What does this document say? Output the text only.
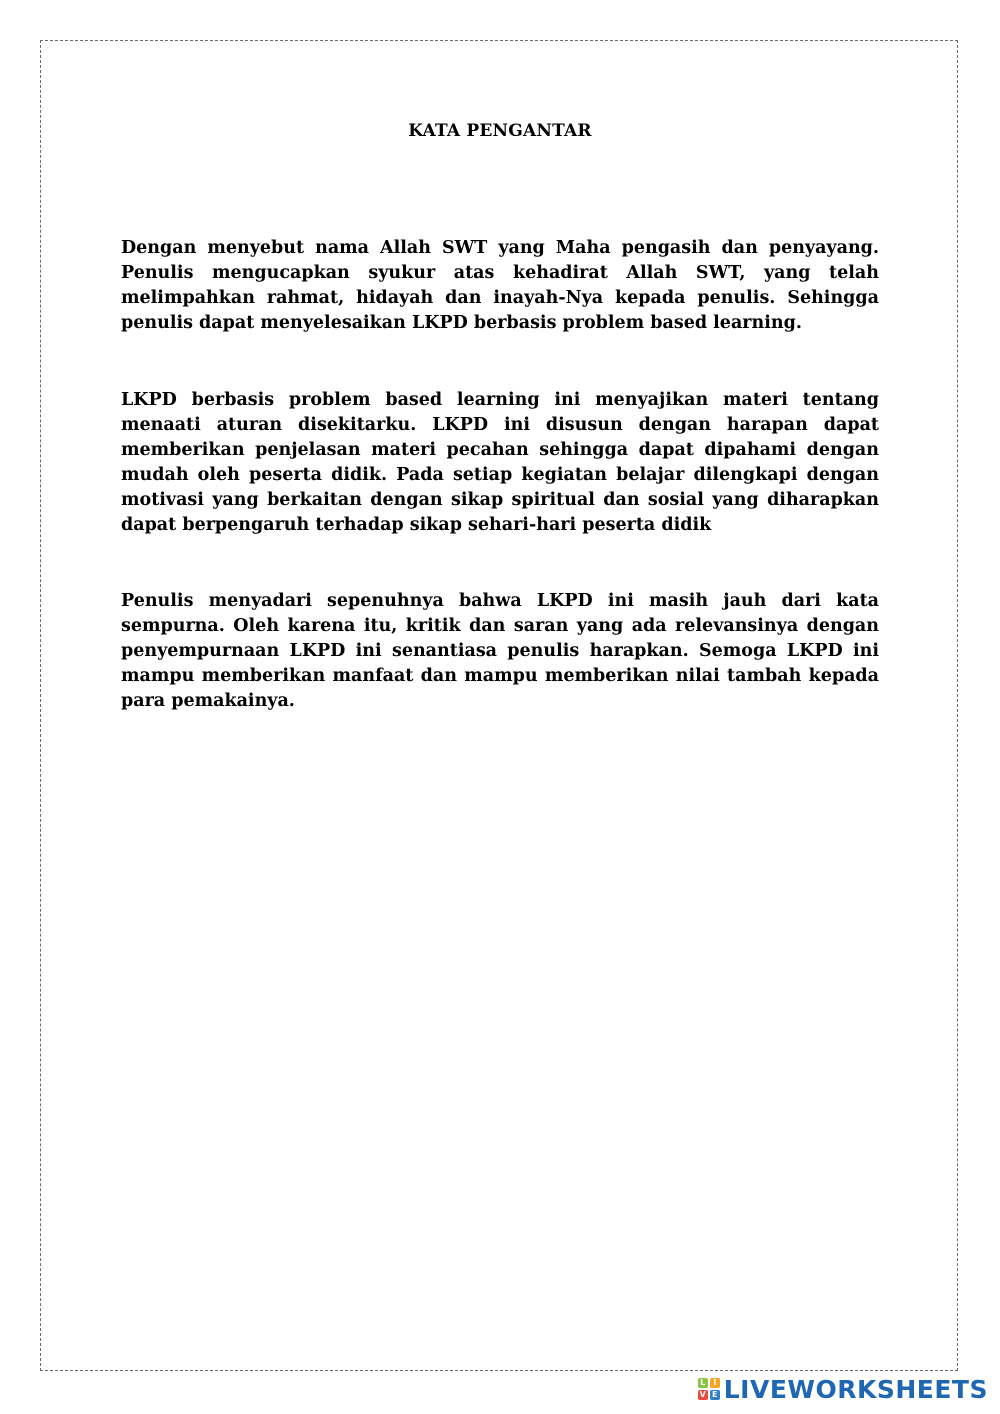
KATA PENGANTAR

Dengan menyebut nama Allah SWT yang Maha pengasih dan penyayang. Penulis mengucapkan syukur atas kehadirat Allah SWT, yang telah melimpahkan rahmat, hidayah dan inayah-Nya kepada penulis. Sehingga penulis dapat menyelesaikan LKPD berbasis problem based learning.

LKPD berbasis problem based learning ini menyajikan materi tentang menaati aturan disekitarku. LKPD ini disusun dengan harapan dapat memberikan penjelasan materi pecahan sehingga dapat dipahami dengan mudah oleh peserta didik. Pada setiap kegiatan belajar dilengkapi dengan motivasi yang berkaitan dengan sikap spiritual dan sosial yang diharapkan dapat berpengaruh terhadap sikap sehari-hari peserta didik

Penulis menyadari sepenuhnya bahwa LKPD ini masih jauh dari kata sempurna. Oleh karena itu, kritik dan saran yang ada relevansinya dengan penyempurnaan LKPD ini senantiasa penulis harapkan. Semoga LKPD ini mampu memberikan manfaat dan mampu memberikan nilai tambah kepada para pemakainya.

L I
V E LIVEWORKSHEETS
